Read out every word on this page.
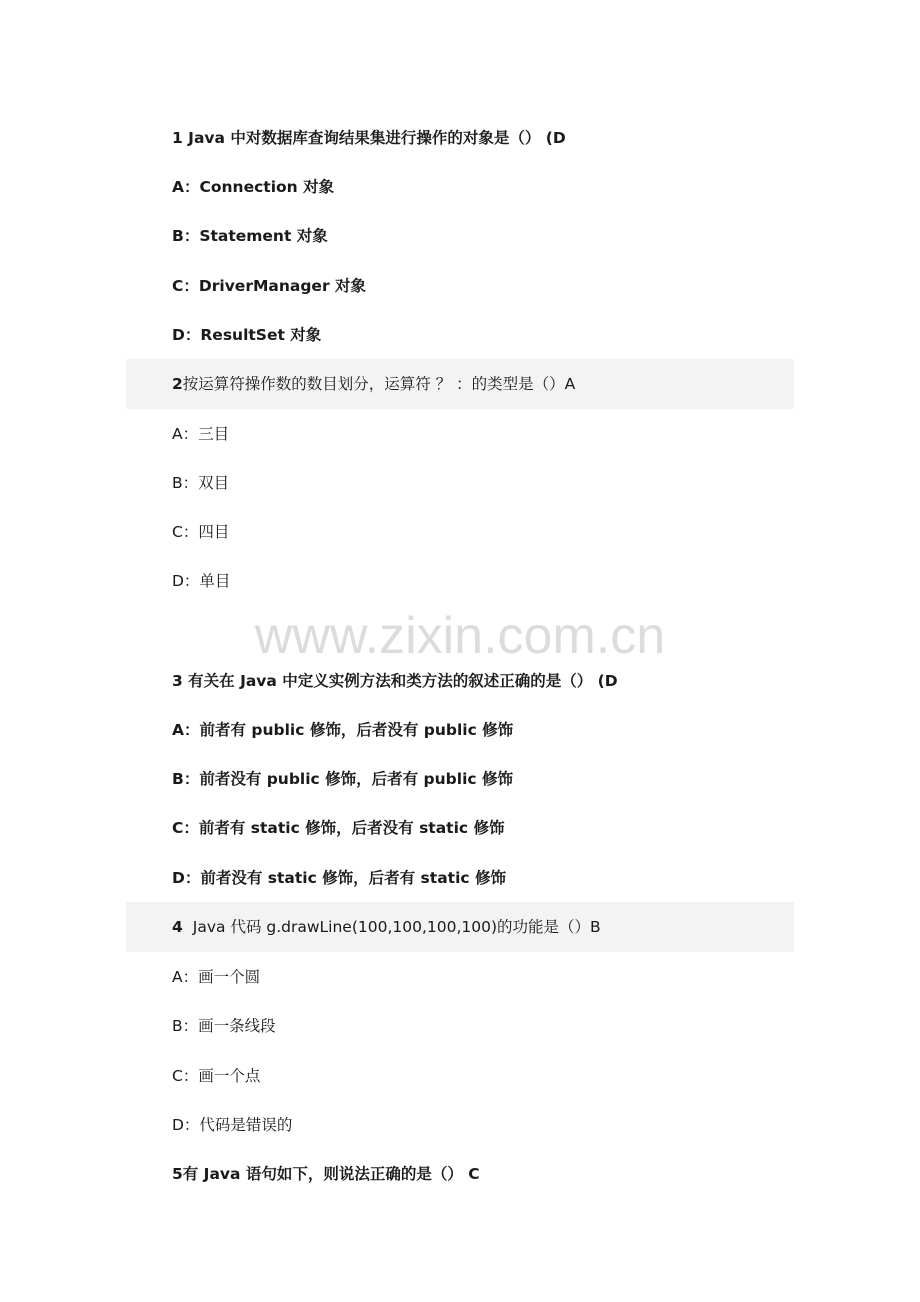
1 Java 中对数据库查询结果集进行操作的对象是（） (D
A：Connection 对象
B：Statement 对象
C：DriverManager 对象
D：ResultSet 对象
2按运算符操作数的数目划分，运算符 ？ ：的类型是（）A
A：三目
B：双目
C：四目
D：单目
www.zixin.com.cn
3 有关在 Java 中定义实例方法和类方法的叙述正确的是（） (D
A：前者有 public 修饰，后者没有 public 修饰
B：前者没有 public 修饰，后者有 public 修饰
C：前者有 static 修饰，后者没有 static 修饰
D：前者没有 static 修饰，后者有 static 修饰
4 Java 代码 g.drawLine(100,100,100,100)的功能是（）B
A：画一个圆
B：画一条线段
C：画一个点
D：代码是错误的
5有 Java 语句如下，则说法正确的是（） C
